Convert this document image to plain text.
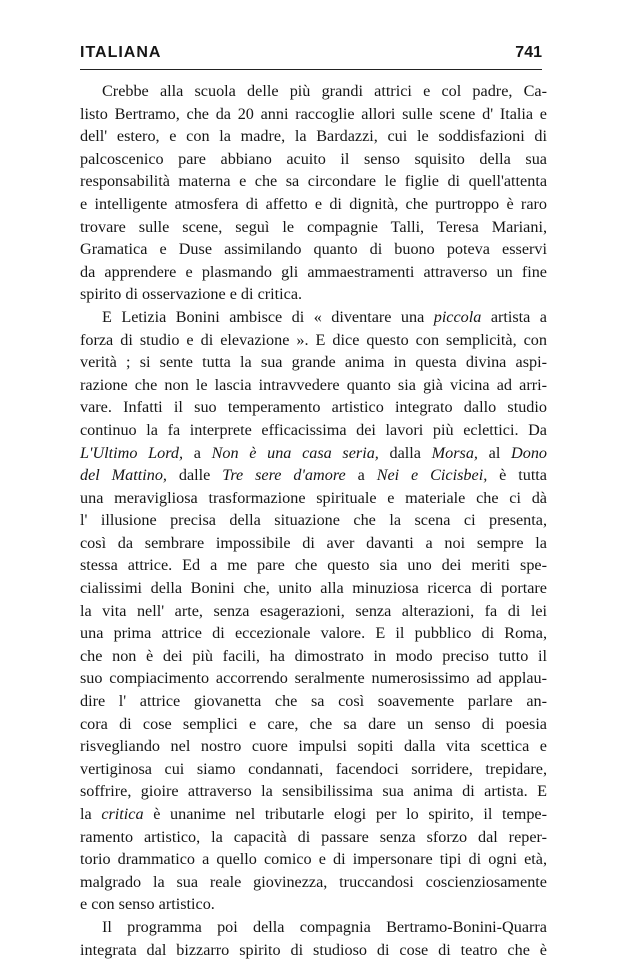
ITALIANA	741
Crebbe alla scuola delle più grandi attrici e col padre, Ca-
listo Bertramo, che da 20 anni raccoglie allori sulle scene d' Italia e
dell' estero, e con la madre, la Bardazzi, cui le soddisfazioni di
palcoscenico pare abbiano acuito il senso squisito della sua
responsabilità materna e che sa circondare le figlie di quell'attenta
e intelligente atmosfera di affetto e di dignità, che purtroppo è raro
trovare sulle scene, seguì le compagnie Talli, Teresa Mariani,
Gramatica e Duse assimilando quanto di buono poteva esservi
da apprendere e plasmando gli ammaestramenti attraverso un fine
spirito di osservazione e di critica.
E Letizia Bonini ambisce di « diventare una piccola artista a
forza di studio e di elevazione ». E dice questo con semplicità, con
verità ; si sente tutta la sua grande anima in questa divina aspi-
razione che non le lascia intravvedere quanto sia già vicina ad arri-
vare. Infatti il suo temperamento artistico integrato dallo studio
continuo la fa interprete efficacissima dei lavori più eclettici. Da
L'Ultimo Lord, a Non è una casa seria, dalla Morsa, al Dono
del Mattino, dalle Tre sere d'amore a Nei e Cicisbei, è tutta
una meravigliosa trasformazione spirituale e materiale che ci dà
l' illusione precisa della situazione che la scena ci presenta,
così da sembrare impossibile di aver davanti a noi sempre la
stessa attrice. Ed a me pare che questo sia uno dei meriti spe-
cialissimi della Bonini che, unito alla minuziosa ricerca di portare
la vita nell' arte, senza esagerazioni, senza alterazioni, fa di lei
una prima attrice di eccezionale valore. E il pubblico di Roma,
che non è dei più facili, ha dimostrato in modo preciso tutto il
suo compiacimento accorrendo seralmente numerosissimo ad applau-
dire l' attrice giovanetta che sa così soavemente parlare an-
cora di cose semplici e care, che sa dare un senso di poesia
risvegliando nel nostro cuore impulsi sopiti dalla vita scettica e
vertiginosa cui siamo condannati, facendoci sorridere, trepidare,
soffrire, gioire attraverso la sensibilissima sua anima di artista. E
la critica è unanime nel tributarle elogi per lo spirito, il tempe-
ramento artistico, la capacità di passare senza sforzo dal reper-
torio drammatico a quello comico e di impersonare tipi di ogni età,
malgrado la sua reale giovinezza, truccandosi coscienziosamente
e con senso artistico.
Il programma poi della compagnia Bertramo-Bonini-Quarra
integrata dal bizzarro spirito di studioso di cose di teatro che è
